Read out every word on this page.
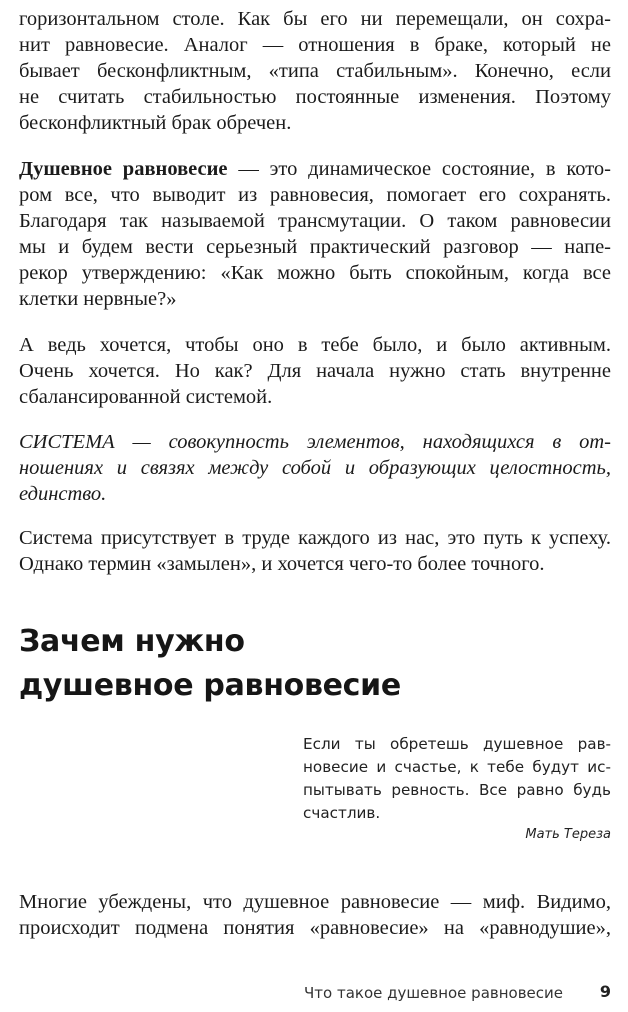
горизонтальном столе. Как бы его ни перемещали, он сохра-
нит равновесие. Аналог — отношения в браке, который не
бывает бесконфликтным, «типа стабильным». Конечно, если
не считать стабильностью постоянные изменения. Поэтому
бесконфликтный брак обречен.

Душевное равновесие — это динамическое состояние, в кото-
ром все, что выводит из равновесия, помогает его сохранять.
Благодаря так называемой трансмутации. О таком равновесии
мы и будем вести серьезный практический разговор — напе-
рекор утверждению: «Как можно быть спокойным, когда все
клетки нервные?»

А ведь хочется, чтобы оно в тебе было, и было активным.
Очень хочется. Но как? Для начала нужно стать внутренне
сбалансированной системой.

СИСТЕМА — совокупность элементов, находящихся в от-
ношениях и связях между собой и образующих целостность,
единство.

Система присутствует в труде каждого из нас, это путь к успеху.
Однако термин «замылен», и хочется чего-то более точного.

Зачем нужно
душевное равновесие
Если ты обретешь душевное рав-
новесие и счастье, к тебе будут ис-
пытывать ревность. Все равно будь
счастлив.
Мать Тереза

Многие убеждены, что душевное равновесие — миф. Видимо,
происходит подмена понятия «равновесие» на «равнодушие»,

Что такое душевное равновесие 9
